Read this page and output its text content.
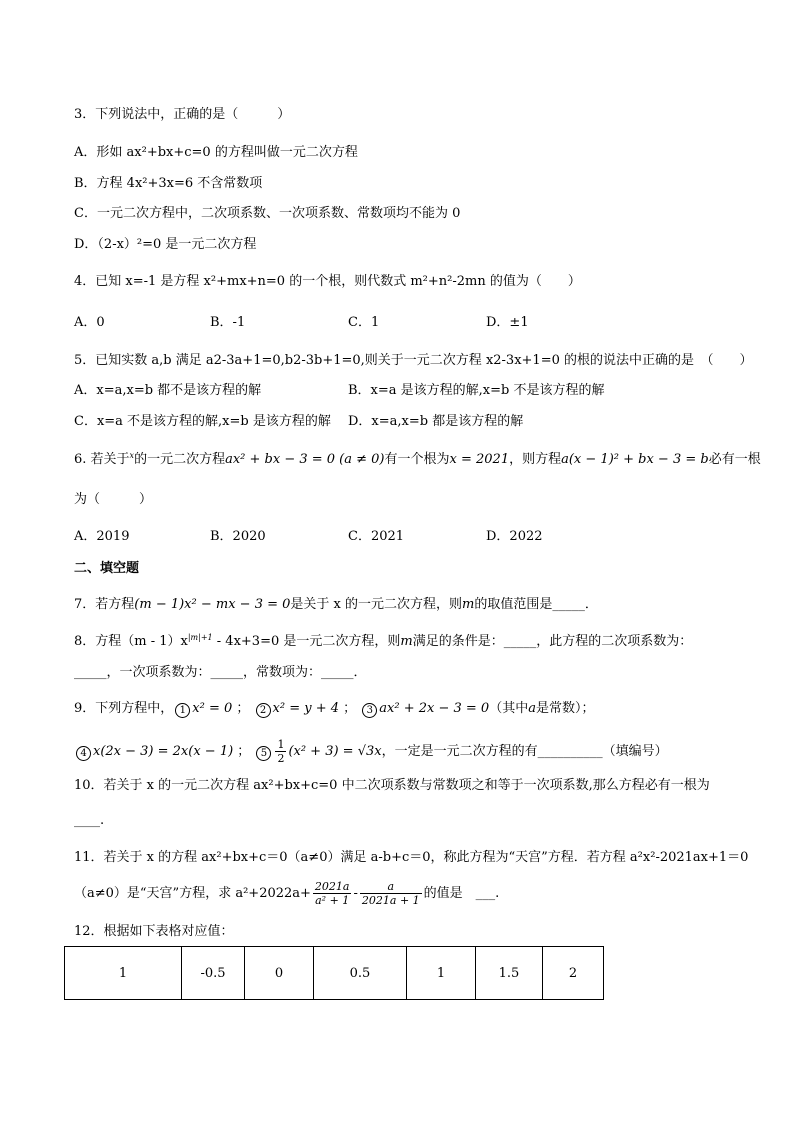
3．下列说法中，正确的是（　　　）
A．形如 ax²+bx+c=0 的方程叫做一元二次方程
B．方程 4x²+3x=6 不含常数项
C．一元二次方程中，二次项系数、一次项系数、常数项均不能为 0
D．（2-x）²=0 是一元二次方程
4．已知 x=-1 是方程 x²+mx+n=0 的一个根，则代数式 m²+n²-2mn 的值为（　　）
A．0	B．-1	C．1	D．±1
5．已知实数 a,b 满足 a2-3a+1=0,b2-3b+1=0,则关于一元二次方程 x2-3x+1=0 的根的说法中正确的是　（　　）
A．x=a,x=b 都不是该方程的解	B．x=a 是该方程的解,x=b 不是该方程的解
C．x=a 不是该方程的解,x=b 是该方程的解 D．x=a,x=b 都是该方程的解
6. 若关于$^x$的一元二次方程ax² + bx − 3 = 0 (a ≠ 0)有一个根为x = 2021，则方程a(x − 1)² + bx − 3 = b必有一根
为（　　　）
A．2019	B．2020	C．2021	D．2022
二、填空题
7．若方程(m − 1)x² − mx − 3 = 0是关于 x 的一元二次方程，则m的取值范围是_____．
8．方程$(m - 1)x^{|m|+1} - 4x+3=0$ 是一元二次方程，则m满足的条件是：_____，此方程的二次项系数为：
_____，一次项系数为：_____，常数项为：_____．
9．下列方程中， 1 x² = 0 ； 2 x² = y + 4 ； 3 ax² + 2x − 3 = 0（其中a是常数）；
4 x(2x − 3) = 2x(x − 1) ； $5 \frac{1}{2} (x^2 + 3) = √3x$，一定是一元二次方程的有__________（填编号）
10．若关于 x 的一元二次方程 ax²+bx+c=0 中二次项系数与常数项之和等于一次项系数,那么方程必有一根为
____.
11．若关于 x 的方程 ax²+bx+c＝0（a≠0）满足 a-b+c＝0，称此方程为“天宫”方程．若方程 a²x²-2021ax+1＝0
（a≠0）是“天宫”方程，求 $a^2+2022a+ \frac{2021a}{\text{a² + 1}} - \frac{a}{2021a + 1}$ 的值是　___.
12．根据如下表格对应值：
1	-0.5	0	0.5	1	1.5	2
